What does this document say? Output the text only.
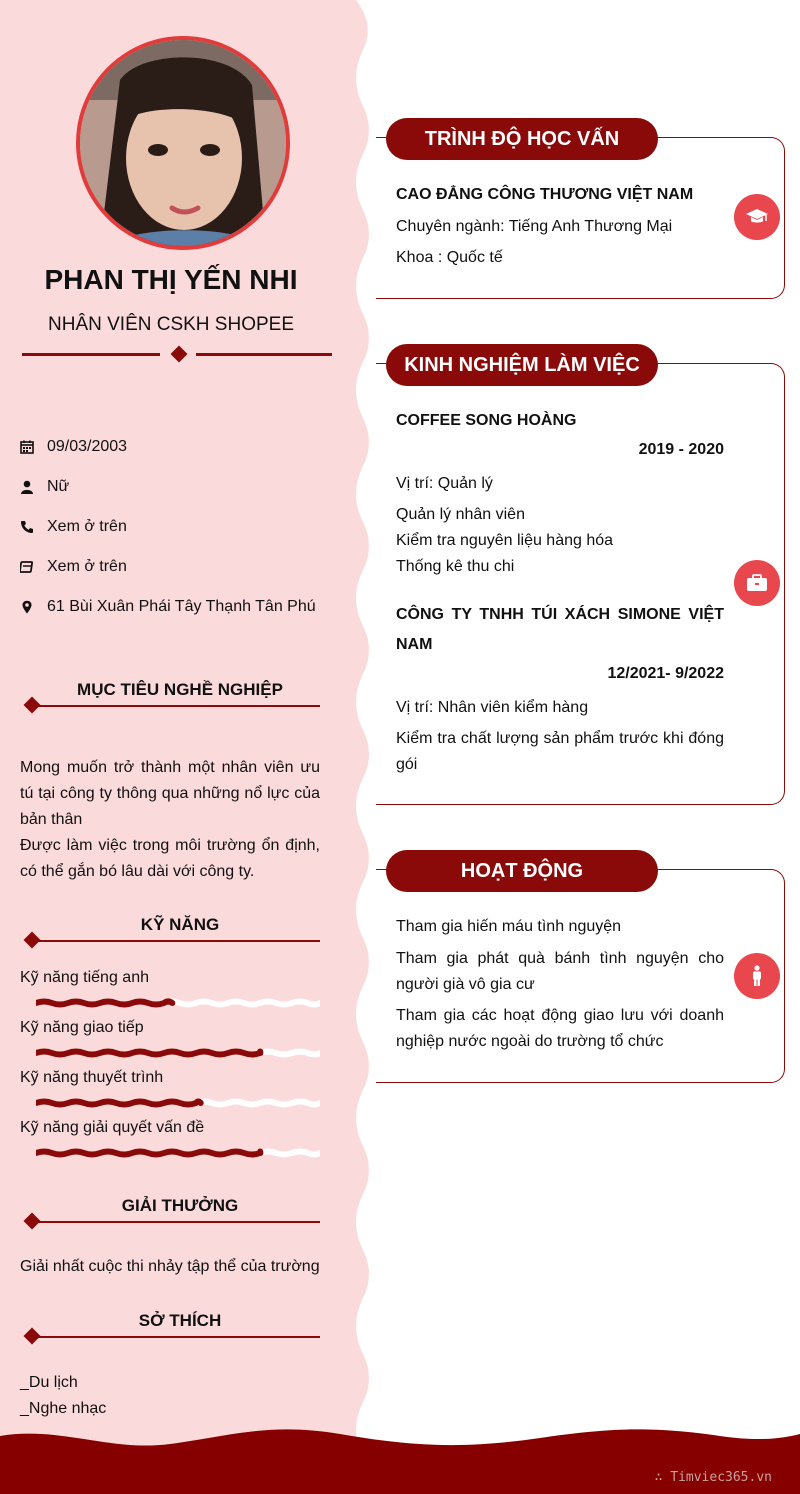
∴ Timviec365.vn
PHAN THỊ YẾN NHI
NHÂN VIÊN CSKH SHOPEE
09/03/2003
Nữ
Xem ở trên
Xem ở trên
61 Bùi Xuân Phái Tây Thạnh Tân Phú
MỤC TIÊU NGHỀ NGHIỆP
Mong muốn trở thành một nhân viên ưu tú tại công ty thông qua những nổ lực của bản thân
Được làm việc trong môi trường ổn định, có thể gắn bó lâu dài với công ty.
KỸ NĂNG
Kỹ năng tiếng anh
Kỹ năng giao tiếp
Kỹ năng thuyết trình
Kỹ năng giải quyết vấn đề
GIẢI THƯỞNG
Giải nhất cuộc thi nhảy tập thể của trường
SỞ THÍCH
_Du lịch
_Nghe nhạc
TRÌNH ĐỘ HỌC VẤN
CAO ĐẲNG CÔNG THƯƠNG VIỆT NAM
Chuyên ngành: Tiếng Anh Thương Mại
Khoa : Quốc tế
KINH NGHIỆM LÀM VIỆC
COFFEE SONG HOÀNG
2019 - 2020
Vị trí: Quản lý
Quản lý nhân viên
Kiểm tra nguyên liệu hàng hóa
Thống kê thu chi
CÔNG TY TNHH TÚI XÁCH SIMONE VIỆT NAM
12/2021- 9/2022
Vị trí: Nhân viên kiểm hàng
Kiểm tra chất lượng sản phẩm trước khi đóng gói
HOẠT ĐỘNG
Tham gia hiến máu tình nguyện
Tham gia phát quà bánh tình nguyện cho người già vô gia cư
Tham gia các hoạt động giao lưu với doanh nghiệp nước ngoài do trường tổ chức
